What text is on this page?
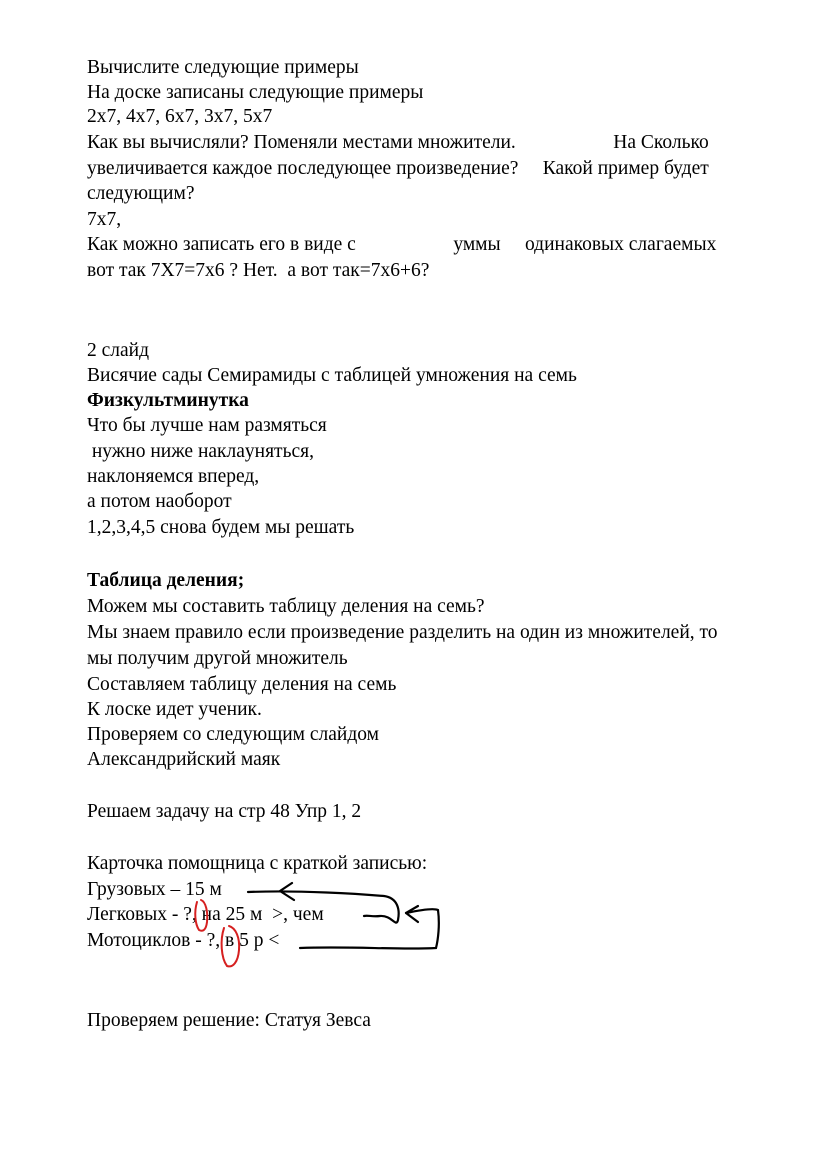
Вычислите следующие примеры
На доске записаны следующие примеры
2х7, 4х7, 6х7, 3х7, 5х7
Как вы вычисляли? Поменяли местами множители.                    На Сколько
увеличивается каждое последующее произведение?     Какой пример будет
следующим?
7х7,
Как можно записать его в виде с                    уммы     одинаковых слагаемых
вот так 7Х7=7х6 ? Нет.  а вот так=7х6+6?
2 слайд
Висячие сады Семирамиды с таблицей умножения на семь
Физкультминутка
Что бы лучше нам размяться
нужно ниже наклаyняться,
наклоняемся вперед,
а потом наоборот
1,2,3,4,5 снова будем мы решать
Таблица деления;
Можем мы составить таблицу деления на семь?
Мы знаем правило если произведение разделить на один из множителей, то
мы получим другой множитель
Составляем таблицу деления на семь
К лоске идет ученик.
Проверяем со следующим слайдом
Александрийский маяк
Решаем задачу на стр 48 Упр 1, 2
Карточка помощница с краткой записью:
Грузовых – 15 м
Легковых - ?, на 25 м  >, чем
Мотоциклов - ?, в 5 р <
Проверяем решение: Статуя Зевса
